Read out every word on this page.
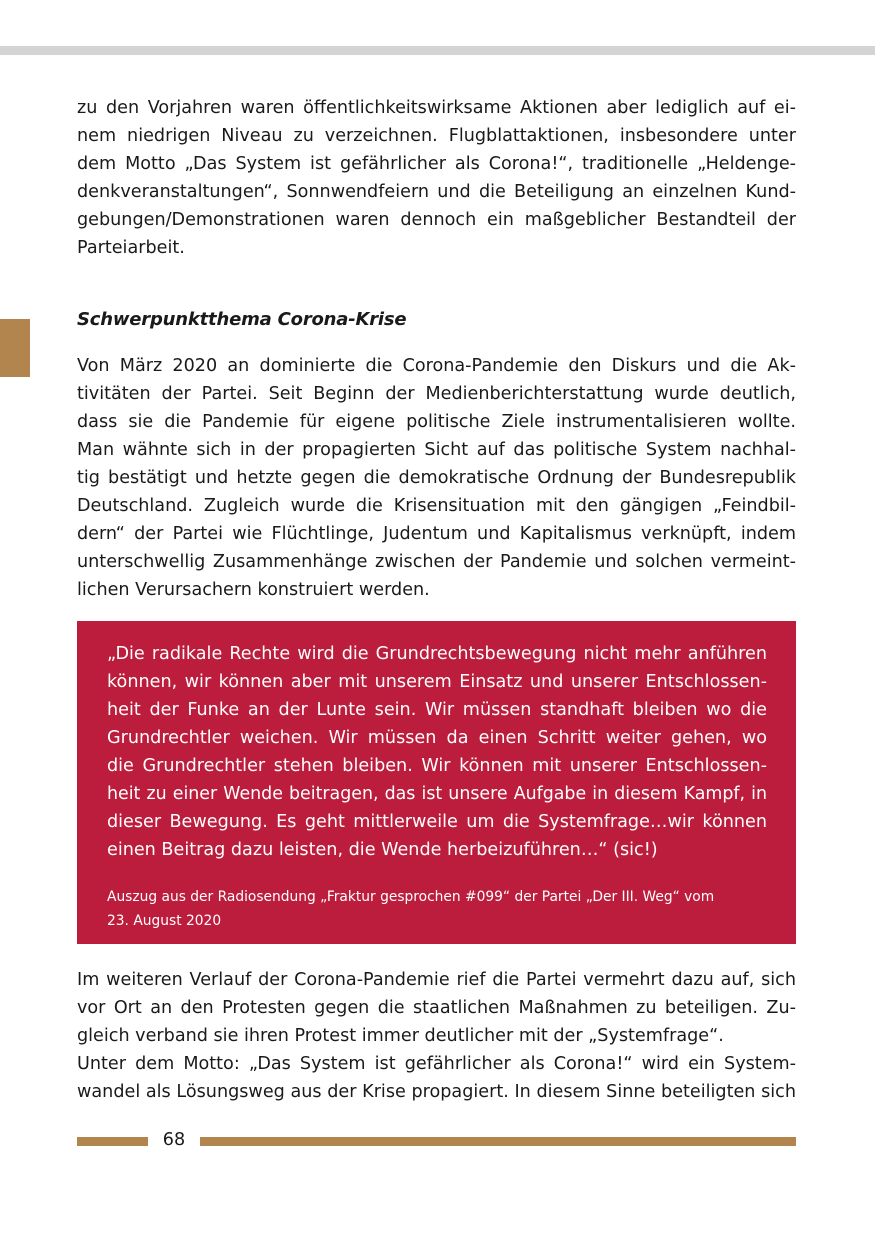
zu den Vorjahren waren öffentlichkeitswirksame Aktionen aber lediglich auf ei-
nem niedrigen Niveau zu verzeichnen. Flugblattaktionen, insbesondere unter
dem Motto „Das System ist gefährlicher als Corona!“, traditionelle „Heldenge-
denkveranstaltungen“, Sonnwendfeiern und die Beteiligung an einzelnen Kund-
gebungen/Demonstrationen waren dennoch ein maßgeblicher Bestandteil der
Parteiarbeit.

Schwerpunktthema Corona-Krise

Von März 2020 an dominierte die Corona-Pandemie den Diskurs und die Ak-
tivitäten der Partei. Seit Beginn der Medienberichterstattung wurde deutlich,
dass sie die Pandemie für eigene politische Ziele instrumentalisieren wollte.
Man wähnte sich in der propagierten Sicht auf das politische System nachhal-
tig bestätigt und hetzte gegen die demokratische Ordnung der Bundesrepublik
Deutschland. Zugleich wurde die Krisensituation mit den gängigen „Feindbil-
dern“ der Partei wie Flüchtlinge, Judentum und Kapitalismus verknüpft, indem
unterschwellig Zusammenhänge zwischen der Pandemie und solchen vermeint-
lichen Verursachern konstruiert werden.

„Die radikale Rechte wird die Grundrechtsbewegung nicht mehr anführen
können, wir können aber mit unserem Einsatz und unserer Entschlossen-
heit der Funke an der Lunte sein. Wir müssen standhaft bleiben wo die
Grundrechtler weichen. Wir müssen da einen Schritt weiter gehen, wo
die Grundrechtler stehen bleiben. Wir können mit unserer Entschlossen-
heit zu einer Wende beitragen, das ist unsere Aufgabe in diesem Kampf, in
dieser Bewegung. Es geht mittlerweile um die Systemfrage…wir können
einen Beitrag dazu leisten, die Wende herbeizuführen…“ (sic!)

Auszug aus der Radiosendung „Fraktur gesprochen #099“ der Partei „Der III. Weg“ vom
23. August 2020

Im weiteren Verlauf der Corona-Pandemie rief die Partei vermehrt dazu auf, sich
vor Ort an den Protesten gegen die staatlichen Maßnahmen zu beteiligen. Zu-
gleich verband sie ihren Protest immer deutlicher mit der „Systemfrage“.
Unter dem Motto: „Das System ist gefährlicher als Corona!“ wird ein System-
wandel als Lösungsweg aus der Krise propagiert. In diesem Sinne beteiligten sich

68
